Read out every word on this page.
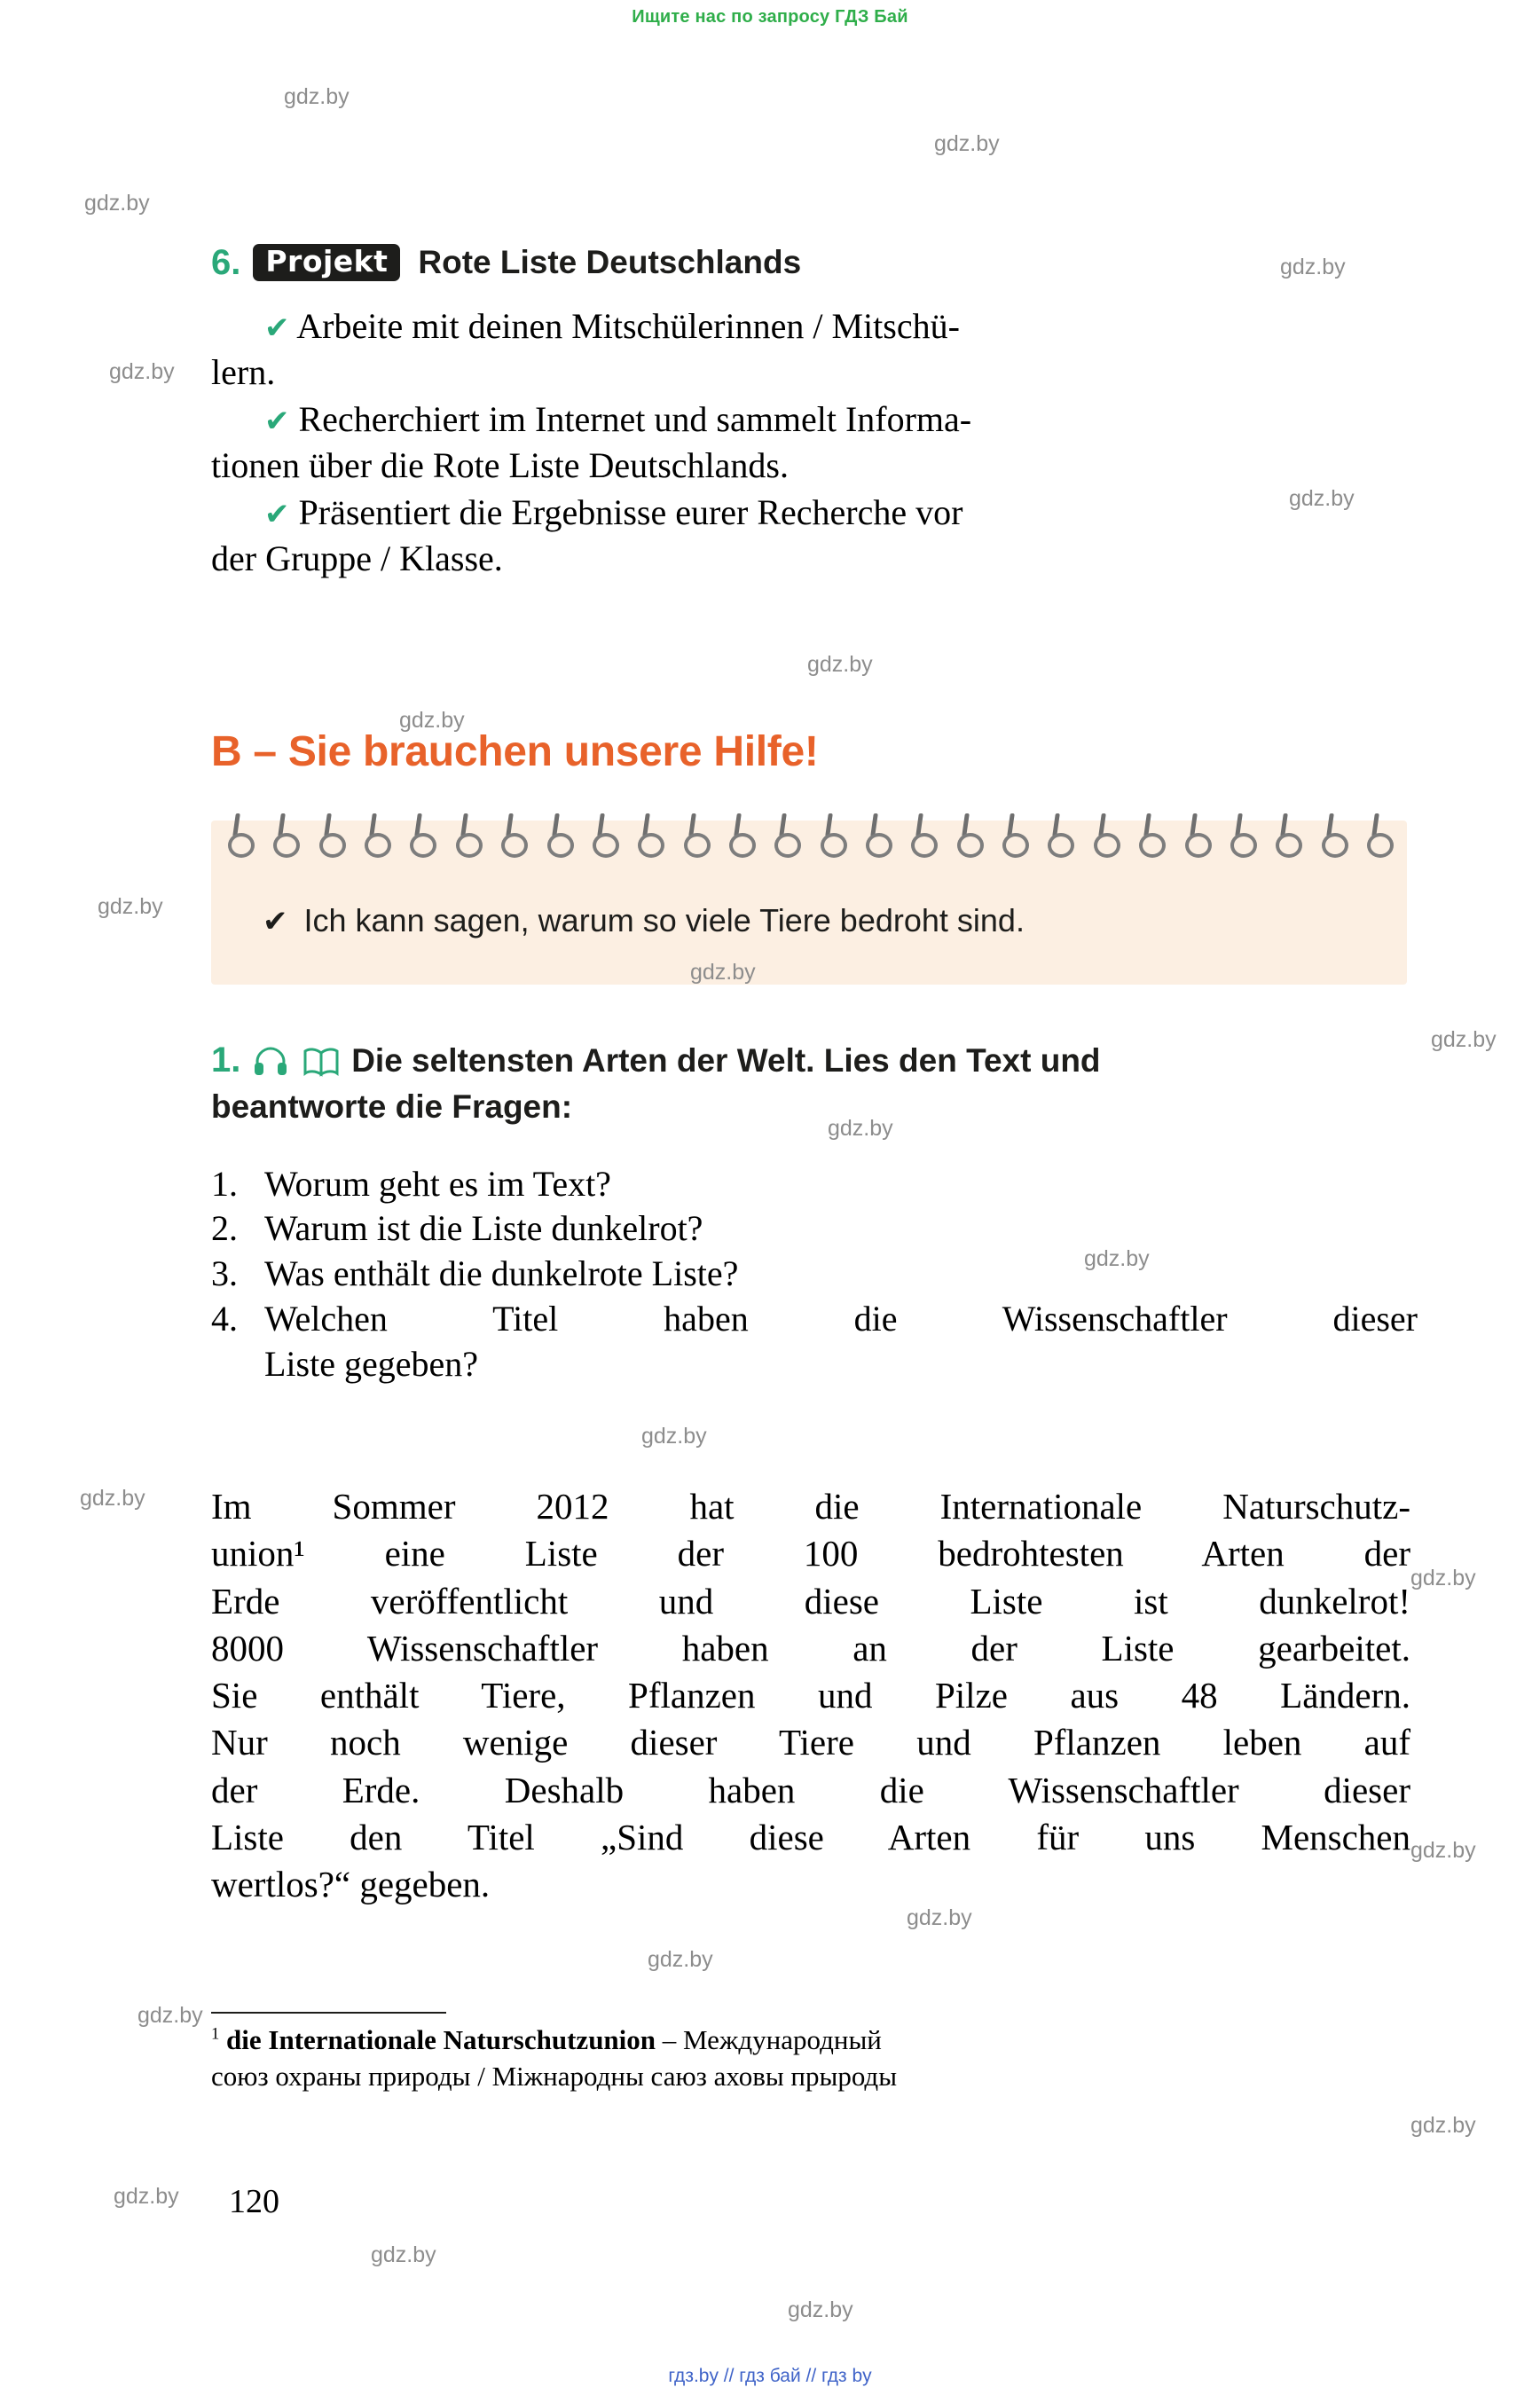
Ищите нас по запросу ГДЗ Бай
6. Projekt Rote Liste Deutschlands
✔ Arbeite mit deinen Mitschülerinnen / Mitschü-
lern.
✔ Recherchiert im Internet und sammelt Informa-
tionen über die Rote Liste Deutschlands.
✔ Präsentiert die Ergebnisse eurer Recherche vor
der Gruppe / Klasse.
B – Sie brauchen unsere Hilfe!
✔ Ich kann sagen, warum so viele Tiere bedroht sind.
1.	Die seltensten Arten der Welt. Lies den Text und
beantworte die Fragen:
1. Worum geht es im Text?
2. Warum ist die Liste dunkelrot?
3. Was enthält die dunkelrote Liste?
4. Welchen Titel haben die Wissenschaftler dieser
Liste gegeben?

Im Sommer 2012 hat die Internationale Naturschutz-

union¹ eine Liste der 100 bedrohtesten Arten der

Erde veröffentlicht und diese Liste ist dunkelrot!

8000 Wissenschaftler haben an der Liste gearbeitet.

Sie enthält Tiere, Pflanzen und Pilze aus 48 Ländern.

Nur noch wenige dieser Tiere und Pflanzen leben auf

der Erde. Deshalb haben die Wissenschaftler dieser

Liste den Titel „Sind diese Arten für uns Menschen

wertlos?“ gegeben.

$^1$ die Internationale Naturschutzunion – Международный
союз охраны природы / Міжнародны саюз аховы прыроды
120
гдз.by // гдз бай // гдз by
gdz.by
gdz.by
gdz.by
gdz.by
gdz.by
gdz.by
gdz.by
gdz.by
gdz.by
gdz.by
gdz.by
gdz.by
gdz.by
gdz.by
gdz.by
gdz.by
gdz.by
gdz.by
gdz.by
gdz.by
gdz.by
gdz.by
gdz.by
gdz.by
